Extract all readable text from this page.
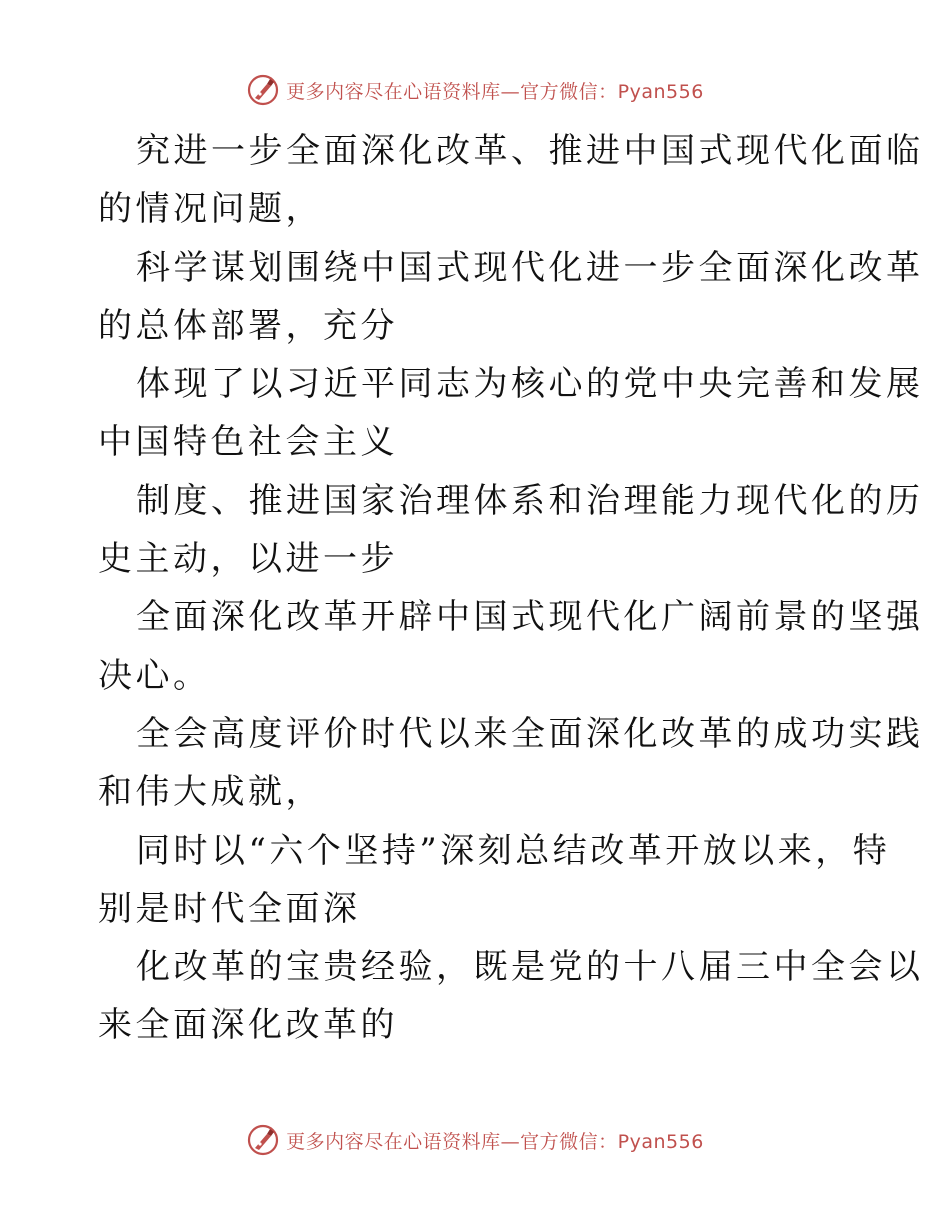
更多内容尽在心语资料库—官方微信：Pyan556
究进一步全面深化改革、推进中国式现代化面临
的情况问题，
科学谋划围绕中国式现代化进一步全面深化改革
的总体部署，充分
体现了以习近平同志为核心的党中央完善和发展
中国特色社会主义
制度、推进国家治理体系和治理能力现代化的历
史主动，以进一步
全面深化改革开辟中国式现代化广阔前景的坚强
决心。
全会高度评价时代以来全面深化改革的成功实践
和伟大成就，
同时以“六个坚持”深刻总结改革开放以来，特
别是时代全面深
化改革的宝贵经验，既是党的十八届三中全会以
来全面深化改革的
更多内容尽在心语资料库—官方微信：Pyan556
